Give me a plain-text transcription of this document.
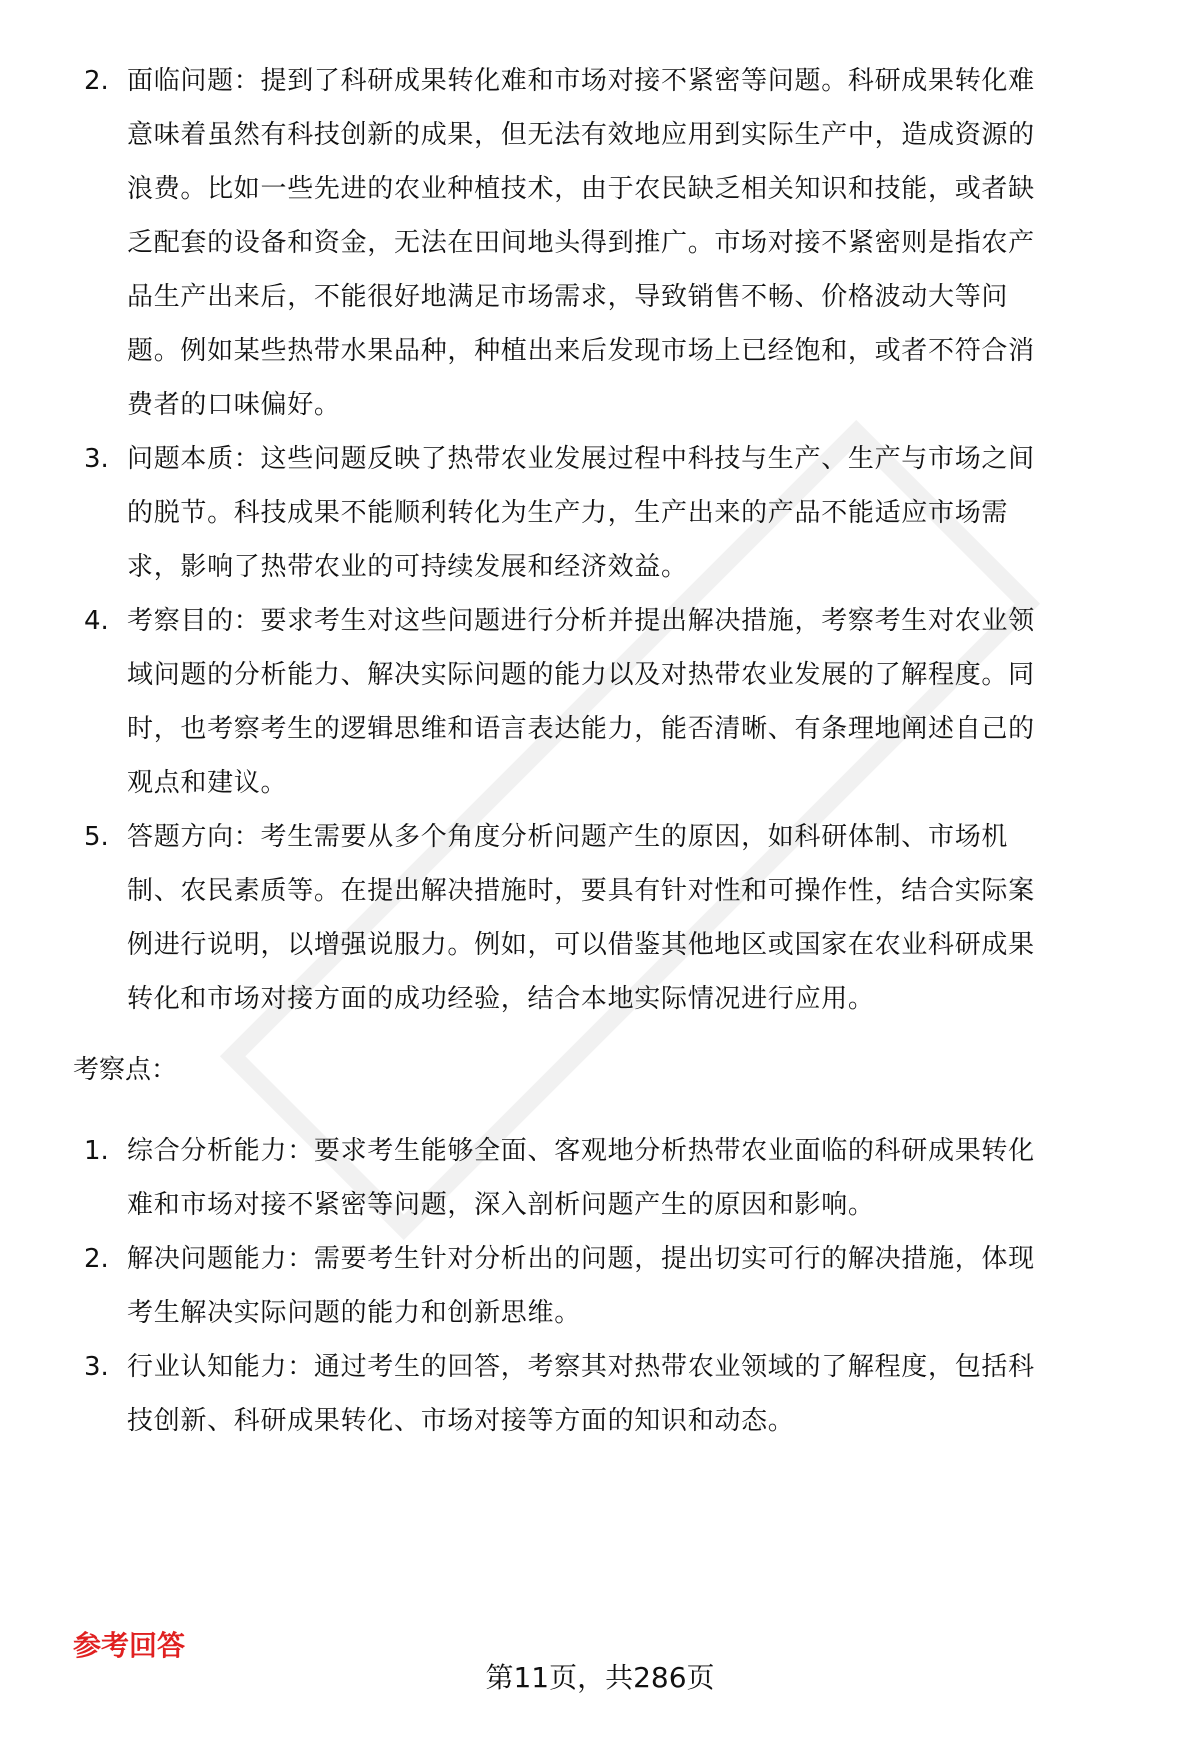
2. 面临问题：提到了科研成果转化难和市场对接不紧密等问题。科研成果转化难
意味着虽然有科技创新的成果，但无法有效地应用到实际生产中，造成资源的
浪费。比如一些先进的农业种植技术，由于农民缺乏相关知识和技能，或者缺
乏配套的设备和资金，无法在田间地头得到推广。市场对接不紧密则是指农产
品生产出来后，不能很好地满足市场需求，导致销售不畅、价格波动大等问
题。例如某些热带水果品种，种植出来后发现市场上已经饱和，或者不符合消
费者的口味偏好。
3. 问题本质：这些问题反映了热带农业发展过程中科技与生产、生产与市场之间
的脱节。科技成果不能顺利转化为生产力，生产出来的产品不能适应市场需
求，影响了热带农业的可持续发展和经济效益。
4. 考察目的：要求考生对这些问题进行分析并提出解决措施，考察考生对农业领
域问题的分析能力、解决实际问题的能力以及对热带农业发展的了解程度。同
时，也考察考生的逻辑思维和语言表达能力，能否清晰、有条理地阐述自己的
观点和建议。
5. 答题方向：考生需要从多个角度分析问题产生的原因，如科研体制、市场机
制、农民素质等。在提出解决措施时，要具有针对性和可操作性，结合实际案
例进行说明，以增强说服力。例如，可以借鉴其他地区或国家在农业科研成果
转化和市场对接方面的成功经验，结合本地实际情况进行应用。
考察点：
1. 综合分析能力：要求考生能够全面、客观地分析热带农业面临的科研成果转化
难和市场对接不紧密等问题，深入剖析问题产生的原因和影响。
2. 解决问题能力：需要考生针对分析出的问题，提出切实可行的解决措施，体现
考生解决实际问题的能力和创新思维。
3. 行业认知能力：通过考生的回答，考察其对热带农业领域的了解程度，包括科
技创新、科研成果转化、市场对接等方面的知识和动态。
参考回答
第11页，共286页
